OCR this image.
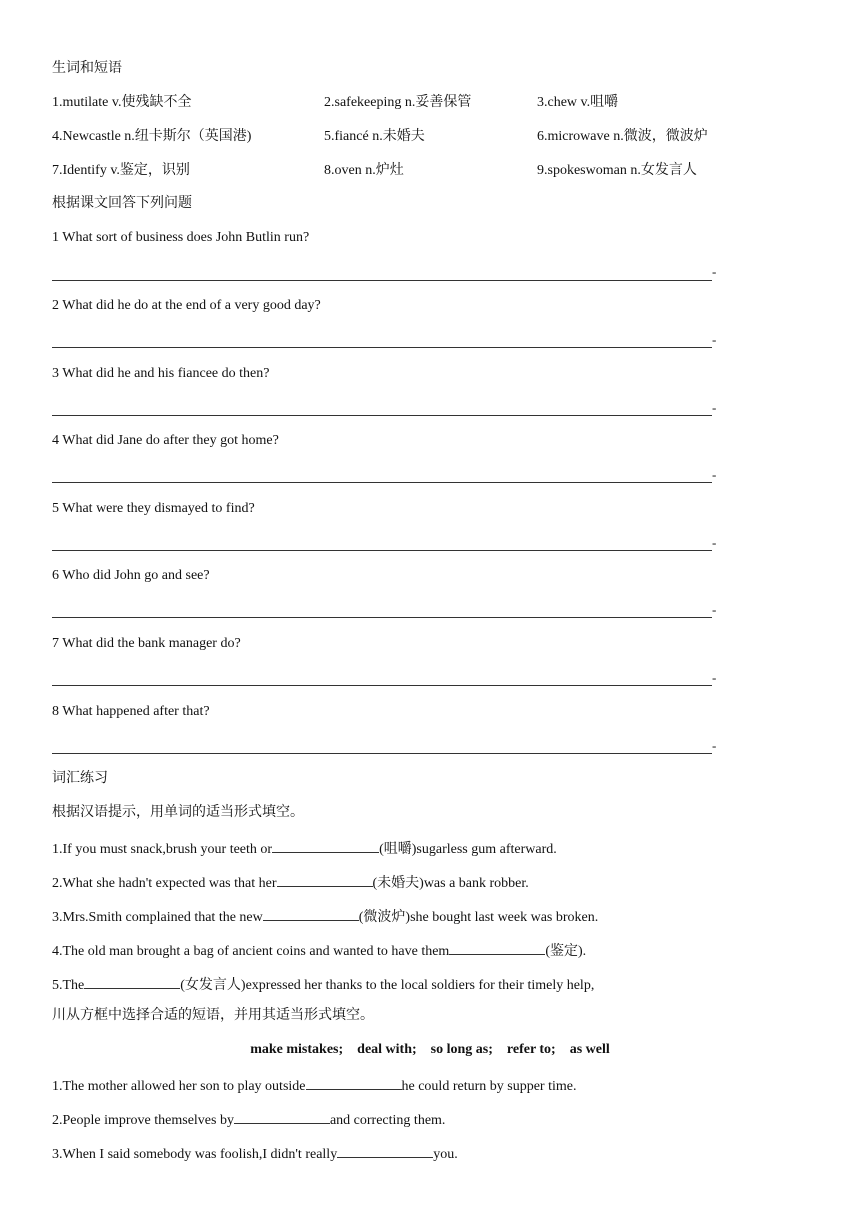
生词和短语
1.mutilate v.使残缺不全	2.safekeeping n.妥善保管	3.chew v.咀嚼
4.Newcastle n.纽卡斯尔（英国港)	5.fiancé n.未婚夫	6.microwave n.微波，微波炉
7.Identify v.鉴定，识别	8.oven n.炉灶	9.spokeswoman n.女发言人
根据课文回答下列问题
1 What sort of business does John Butlin run?
-
2 What did he do at the end of a very good day?
-
3 What did he and his fiancee do then?
-
4 What did Jane do after they got home?
-
5 What were they dismayed to find?
-
6 Who did John go and see?
-
7 What did the bank manager do?
-
8 What happened after that?
-
词汇练习
根据汉语提示，用单词的适当形式填空。
1.If you must snack,brush your teeth or	(咀嚼)sugarless gum afterward.
2.What she hadn't expected was that her	(未婚夫)was a bank robber.
3.Mrs.Smith complained that the new	(微波炉)she bought last week was broken.
4.The old man brought a bag of ancient coins and wanted to have them	(鉴定).
5.The	(女发言人)expressed her thanks to the local soldiers for their timely help,
川从方框中选择合适的短语，并用其适当形式填空。
make mistakes;    deal with;    so long as;    refer to;    as well
1.The mother allowed her son to play outside	he could return by supper time.
2.People improve themselves by	and correcting them.
3.When I said somebody was foolish,I didn't really	you.
